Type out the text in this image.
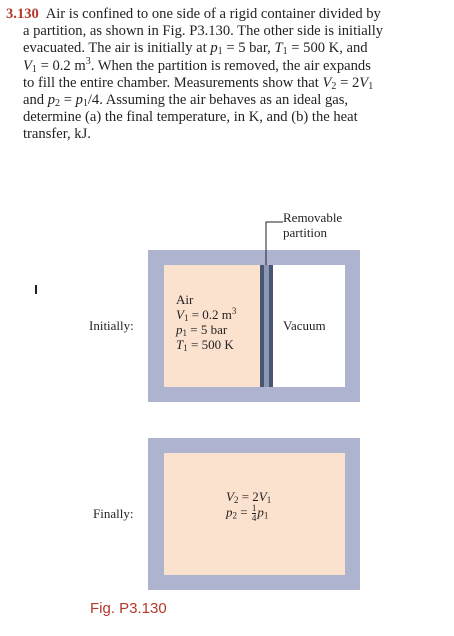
3.130 Air is confined to one side of a rigid container divided by
a partition, as shown in Fig. P3.130. The other side is initially
evacuated. The air is initially at $p_1 = 5$ bar, $T_1 = 500$ K, and
$V_1 = 0.2$ $m^3$. When the partition is removed, the air expands
to fill the entire chamber. Measurements show that $V_2 = 2V_1$
and $p_2 = p_1/4$. Assuming the air behaves as an ideal gas,
determine (a) the final temperature, in K, and (b) the heat
transfer, kJ.
Removable
partition
Initially:
Finally:
Air
$V_1 = 0.2$ $m^3$
$p_1 = 5$ bar
$T_1 = 500$ K
Vacuum
$V_2 = 2V_1$
$p_2 = \frac{1}{4} p_1$
Fig. P3.130
